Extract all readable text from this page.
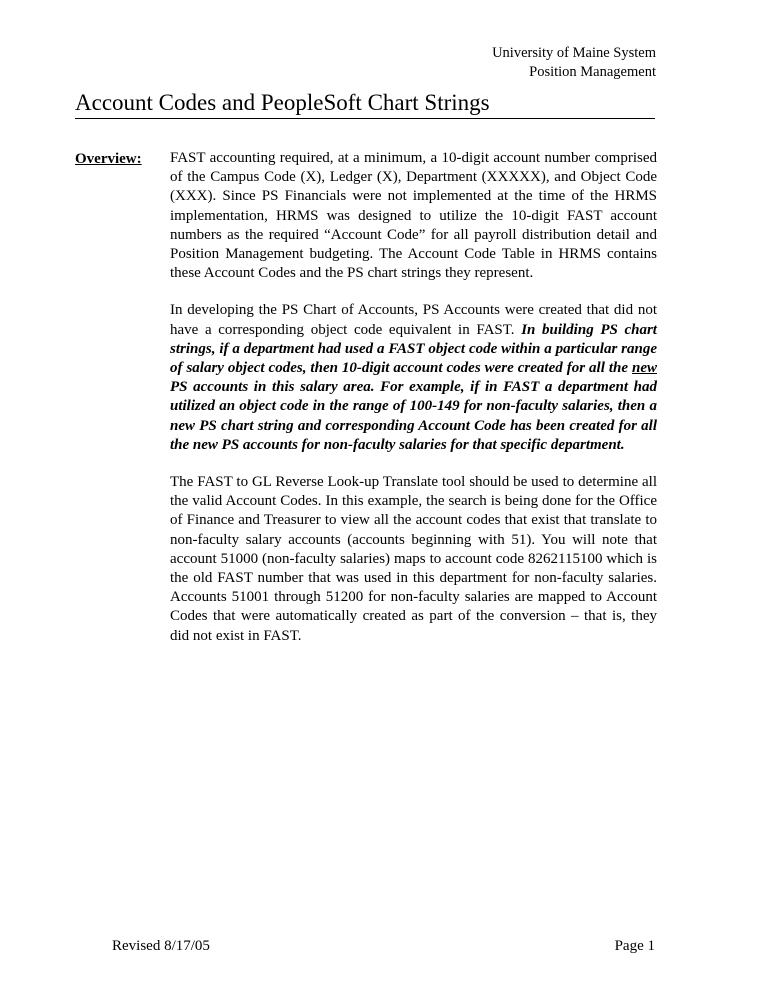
University of Maine System
Position Management
Account Codes and PeopleSoft Chart Strings
Overview: FAST accounting required, at a minimum, a 10-digit account number comprised of the Campus Code (X), Ledger (X), Department (XXXXX), and Object Code (XXX). Since PS Financials were not implemented at the time of the HRMS implementation, HRMS was designed to utilize the 10-digit FAST account numbers as the required “Account Code” for all payroll distribution detail and Position Management budgeting. The Account Code Table in HRMS contains these Account Codes and the PS chart strings they represent.

In developing the PS Chart of Accounts, PS Accounts were created that did not have a corresponding object code equivalent in FAST. In building PS chart strings, if a department had used a FAST object code within a particular range of salary object codes, then 10-digit account codes were created for all the new PS accounts in this salary area. For example, if in FAST a department had utilized an object code in the range of 100-149 for non-faculty salaries, then a new PS chart string and corresponding Account Code has been created for all the new PS accounts for non-faculty salaries for that specific department.

The FAST to GL Reverse Look-up Translate tool should be used to determine all the valid Account Codes. In this example, the search is being done for the Office of Finance and Treasurer to view all the account codes that exist that translate to non-faculty salary accounts (accounts beginning with 51). You will note that account 51000 (non-faculty salaries) maps to account code 8262115100 which is the old FAST number that was used in this department for non-faculty salaries. Accounts 51001 through 51200 for non-faculty salaries are mapped to Account Codes that were automatically created as part of the conversion – that is, they did not exist in FAST.

Revised 8/17/05	Page 1
